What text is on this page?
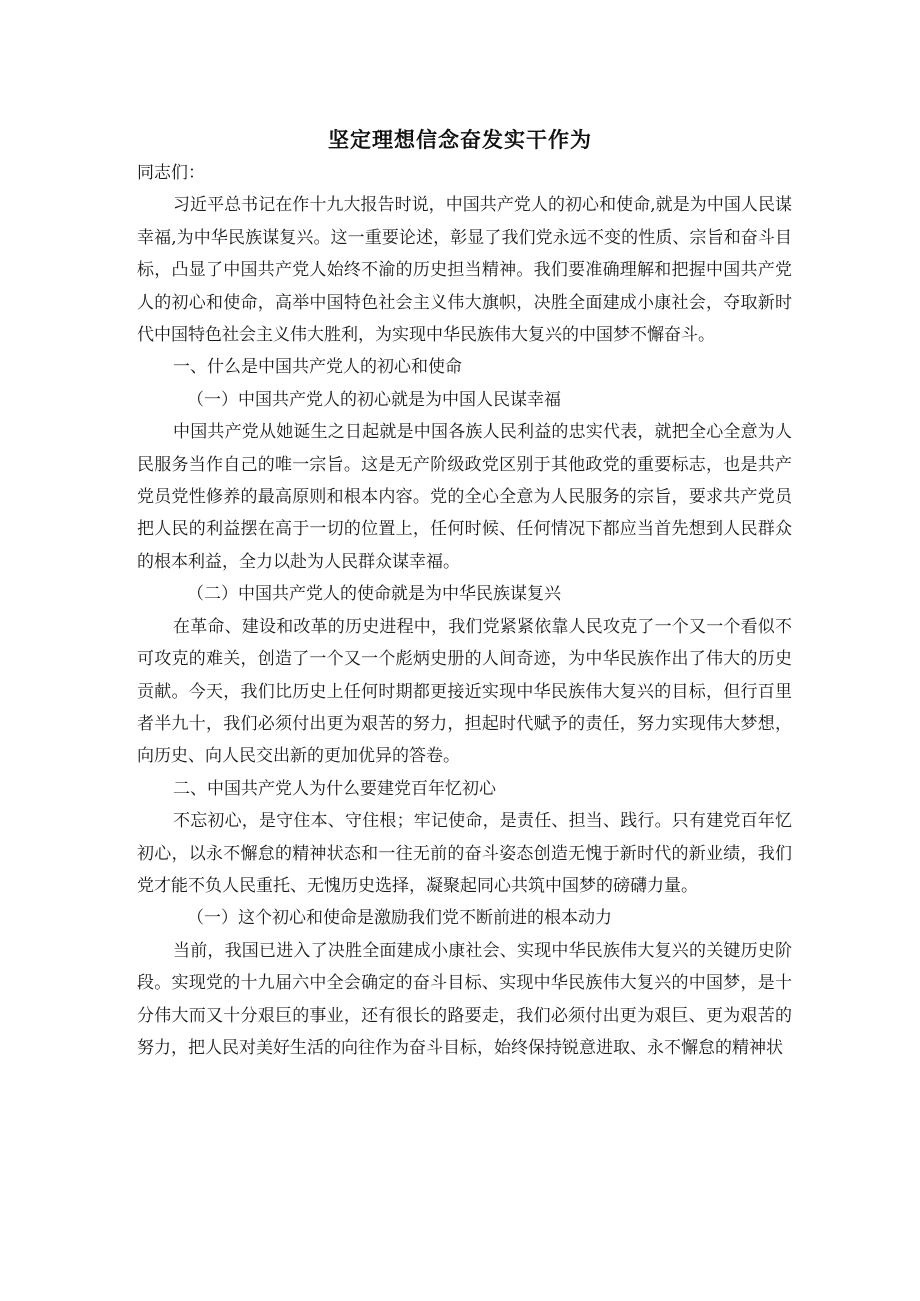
坚定理想信念奋发实干作为

同志们：

习近平总书记在作十九大报告时说，中国共产党人的初心和使命,就是为中国人民谋幸福,为中华民族谋复兴。这一重要论述，彰显了我们党永远不变的性质、宗旨和奋斗目标，凸显了中国共产党人始终不渝的历史担当精神。我们要准确理解和把握中国共产党人的初心和使命，高举中国特色社会主义伟大旗帜，决胜全面建成小康社会，夺取新时代中国特色社会主义伟大胜利，为实现中华民族伟大复兴的中国梦不懈奋斗。

一、什么是中国共产党人的初心和使命

（一）中国共产党人的初心就是为中国人民谋幸福

中国共产党从她诞生之日起就是中国各族人民利益的忠实代表，就把全心全意为人民服务当作自己的唯一宗旨。这是无产阶级政党区别于其他政党的重要标志，也是共产党员党性修养的最高原则和根本内容。党的全心全意为人民服务的宗旨，要求共产党员把人民的利益摆在高于一切的位置上，任何时候、任何情况下都应当首先想到人民群众的根本利益，全力以赴为人民群众谋幸福。

（二）中国共产党人的使命就是为中华民族谋复兴

在革命、建设和改革的历史进程中，我们党紧紧依靠人民攻克了一个又一个看似不可攻克的难关，创造了一个又一个彪炳史册的人间奇迹，为中华民族作出了伟大的历史贡献。今天，我们比历史上任何时期都更接近实现中华民族伟大复兴的目标，但行百里者半九十，我们必须付出更为艰苦的努力，担起时代赋予的责任，努力实现伟大梦想，向历史、向人民交出新的更加优异的答卷。

二、中国共产党人为什么要建党百年忆初心

不忘初心，是守住本、守住根；牢记使命，是责任、担当、践行。只有建党百年忆初心，以永不懈怠的精神状态和一往无前的奋斗姿态创造无愧于新时代的新业绩，我们党才能不负人民重托、无愧历史选择，凝聚起同心共筑中国梦的磅礴力量。

（一）这个初心和使命是激励我们党不断前进的根本动力

当前，我国已进入了决胜全面建成小康社会、实现中华民族伟大复兴的关键历史阶段。实现党的十九届六中全会确定的奋斗目标、实现中华民族伟大复兴的中国梦，是十分伟大而又十分艰巨的事业，还有很长的路要走，我们必须付出更为艰巨、更为艰苦的努力，把人民对美好生活的向往作为奋斗目标，始终保持锐意进取、永不懈怠的精神状
